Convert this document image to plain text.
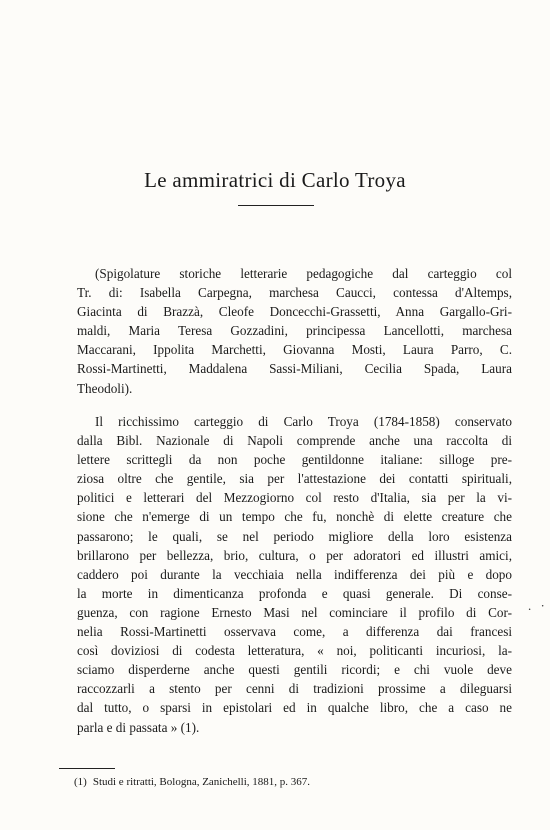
Le ammiratrici di Carlo Troya
(Spigolature storiche letterarie pedagogiche dal carteggio col
Tr. di: Isabella Carpegna, marchesa Caucci, contessa d'Altemps,
Giacinta di Brazzà, Cleofe Doncecchi-Grassetti, Anna Gargallo-Gri-
maldi, Maria Teresa Gozzadini, principessa Lancellotti, marchesa
Maccarani, Ippolita Marchetti, Giovanna Mosti, Laura Parro, C.
Rossi-Martinetti, Maddalena Sassi-Miliani, Cecilia Spada, Laura
Theodoli).
Il ricchissimo carteggio di Carlo Troya (1784-1858) conservato
dalla Bibl. Nazionale di Napoli comprende anche una raccolta di
lettere scrittegli da non poche gentildonne italiane: silloge pre-
ziosa oltre che gentile, sia per l'attestazione dei contatti spirituali,
politici e letterari del Mezzogiorno col resto d'Italia, sia per la vi-
sione che n'emerge di un tempo che fu, nonchè di elette creature che
passarono; le quali, se nel periodo migliore della loro esistenza
brillarono per bellezza, brio, cultura, o per adoratori ed illustri amici,
caddero poi durante la vecchiaia nella indifferenza dei più e dopo
la morte in dimenticanza profonda e quasi generale. Di conse-
guenza, con ragione Ernesto Masi nel cominciare il profilo di Cor-
nelia Rossi-Martinetti osservava come, a differenza dai francesi
così doviziosi di codesta letteratura, « noi, politicanti incuriosi, la-
sciamo disperderne anche questi gentili ricordi; e chi vuole deve
raccozzarli a stento per cenni di tradizioni prossime a dileguarsi
dal tutto, o sparsi in epistolari ed in qualche libro, che a caso ne
parla e di passata » (1).
. ·
(1) Studi e ritratti, Bologna, Zanichelli, 1881, p. 367.
